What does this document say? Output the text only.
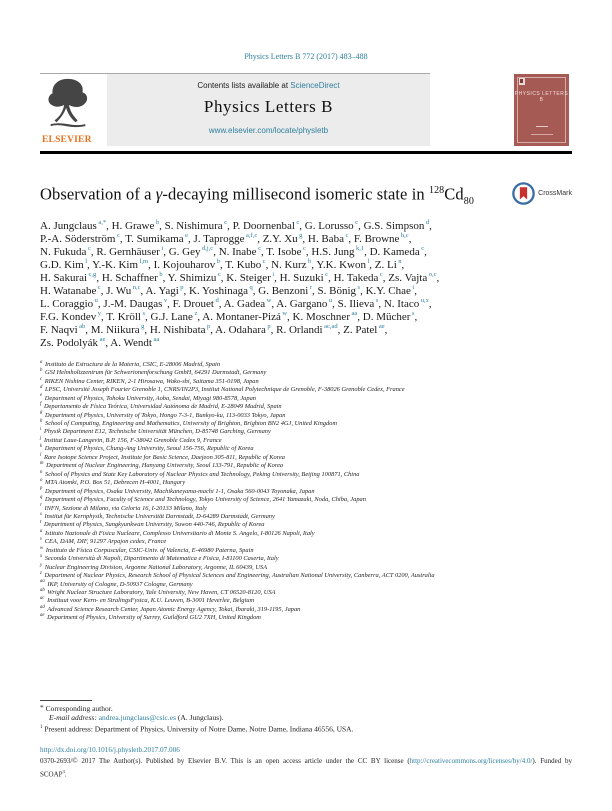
Physics Letters B 772 (2017) 483–488
ELSEVIER
Contents lists available at ScienceDirect
Physics Letters B
www.elsevier.com/locate/physletb
PHYSICS LETTERS B
Observation of a γ-decaying millisecond isomeric state in $^{128}Cd_{80}$
CrossMark
A. Jungclaus $^{a,*}$, H. Grawe $^b$, S. Nishimura $^c$, P. Doornenbal $^c$, G. Lorusso $^c$, G.S. Simpson $^d$,
P.-A. Söderström $^c$, T. Sumikama $^e$, J. Taprogge $^{a,f,c}$, Z.Y. Xu $^g$, H. Baba $^c$, F. Browne $^{h,c}$,
N. Fukuda $^c$, R. Gernhäuser $^i$, G. Gey $^{d,j,c}$, N. Inabe $^c$, T. Isobe $^c$, H.S. Jung $^{k,1}$, D. Kameda $^c$,
G.D. Kim $^l$, Y.-K. Kim $^{l,m}$, I. Kojouharov $^b$, T. Kubo $^c$, N. Kurz $^b$, Y.K. Kwon $^l$, Z. Li $^n$,
H. Sakurai $^{c,g}$, H. Schaffner $^b$, Y. Shimizu $^c$, K. Steiger $^i$, H. Suzuki $^c$, H. Takeda $^c$, Zs. Vajta $^{o,c}$,
H. Watanabe $^c$, J. Wu $^{n,c}$, A. Yagi $^p$, K. Yoshinaga $^q$, G. Benzoni $^r$, S. Bönig $^s$, K.Y. Chae $^t$,
L. Coraggio $^u$, J.-M. Daugas $^v$, F. Drouet $^d$, A. Gadea $^w$, A. Gargano $^u$, S. Ilieva $^s$, N. Itaco $^{u,x}$,
F.G. Kondev $^y$, T. Kröll $^s$, G.J. Lane $^z$, A. Montaner-Pizá $^w$, K. Moschner $^{aa}$, D. Mücher $^s$,
F. Naqvi $^{ab}$, M. Niikura $^g$, H. Nishibata $^p$, A. Odahara $^p$, R. Orlandi $^{ac,ad}$, Z. Patel $^{ae}$,
Zs. Podolyák $^{ae}$, A. Wendt $^{aa}$
$^a$ Instituto de Estructura de la Materia, CSIC, E-28006 Madrid, Spain
$^b$ GSI Helmholtzzentrum für Schwerionenforschung GmbH, 64291 Darmstadt, Germany
$^c$ RIKEN Nishina Center, RIKEN, 2-1 Hirosawa, Wako-shi, Saitama 351-0198, Japan
$^d$ LPSC, Université Joseph Fourier Grenoble 1, CNRS/IN2P3, Institut National Polytechnique de Grenoble, F-38026 Grenoble Cedex, France
$^e$ Department of Physics, Tohoku University, Aoba, Sendai, Miyagi 980-8578, Japan
$^f$ Departamento de Física Teórica, Universidad Autónoma de Madrid, E-28049 Madrid, Spain
$^g$ Department of Physics, University of Tokyo, Hongo 7-3-1, Bunkyo-ku, 113-0033 Tokyo, Japan
$^h$ School of Computing, Engineering and Mathematics, University of Brighton, Brighton BN2 4GJ, United Kingdom
$^i$ Physik Department E12, Technische Universität München, D-85748 Garching, Germany
$^j$ Institut Laue-Langevin, B.P. 156, F-38042 Grenoble Cedex 9, France
$^k$ Department of Physics, Chung-Ang University, Seoul 156-756, Republic of Korea
$^l$ Rare Isotope Science Project, Institute for Basic Science, Daejeon 305-811, Republic of Korea
$^m$ Department of Nuclear Engineering, Hanyang University, Seoul 133-791, Republic of Korea
$^n$ School of Physics and State Key Laboratory of Nuclear Physics and Technology, Peking University, Beijing 100871, China
$^o$ MTA Atomki, P.O. Box 51, Debrecen H-4001, Hungary
$^p$ Department of Physics, Osaka University, Machikaneyama-machi 1-1, Osaka 560-0043 Toyonaka, Japan
$^q$ Department of Physics, Faculty of Science and Technology, Tokyo University of Science, 2641 Yamazaki, Noda, Chiba, Japan
$^r$ INFN, Sezione di Milano, via Celoria 16, I-20133 Milano, Italy
$^s$ Institut für Kernphysik, Technische Universität Darmstadt, D-64289 Darmstadt, Germany
$^t$ Department of Physics, Sungkyunkwan University, Suwon 440-746, Republic of Korea
$^u$ Istituto Nazionale di Fisica Nucleare, Complesso Universitario di Monte S. Angelo, I-80126 Napoli, Italy
$^v$ CEA, DAM, DIF, 91297 Arpajon cedex, France
$^w$ Instituto de Física Corpuscular, CSIC-Univ. of Valencia, E-46980 Paterna, Spain
$^x$ Seconda Università di Napoli, Dipartimento di Matematica e Fisica, I-81100 Caserta, Italy
$^y$ Nuclear Engineering Division, Argonne National Laboratory, Argonne, IL 60439, USA
$^z$ Department of Nuclear Physics, Research School of Physical Sciences and Engineering, Australian National University, Canberra, ACT 0200, Australia
$^{aa}$ IKP, University of Cologne, D-50937 Cologne, Germany
$^{ab}$ Wright Nuclear Structure Laboratory, Yale University, New Haven, CT 06520-8120, USA
$^{ac}$ Instituut voor Kern- en StralingsFysica, K.U. Leuven, B-3001 Heverlee, Belgium
$^{ad}$ Advanced Science Research Center, Japan Atomic Energy Agency, Tokai, Ibaraki, 319-1195, Japan
$^{ae}$ Department of Physics, University of Surrey, Guildford GU2 7XH, United Kingdom
* Corresponding author.
E-mail address: andrea.jungclaus@csic.es (A. Jungclaus).
$^1$ Present address: Department of Physics, University of Notre Dame, Notre Dame, Indiana 46556, USA.
http://dx.doi.org/10.1016/j.physletb.2017.07.006
0370-2693/© 2017 The Author(s). Published by Elsevier B.V. This is an open access article under the CC BY license (http://creativecommons.org/licenses/by/4.0/). Funded by
SCOAP$^3$.
